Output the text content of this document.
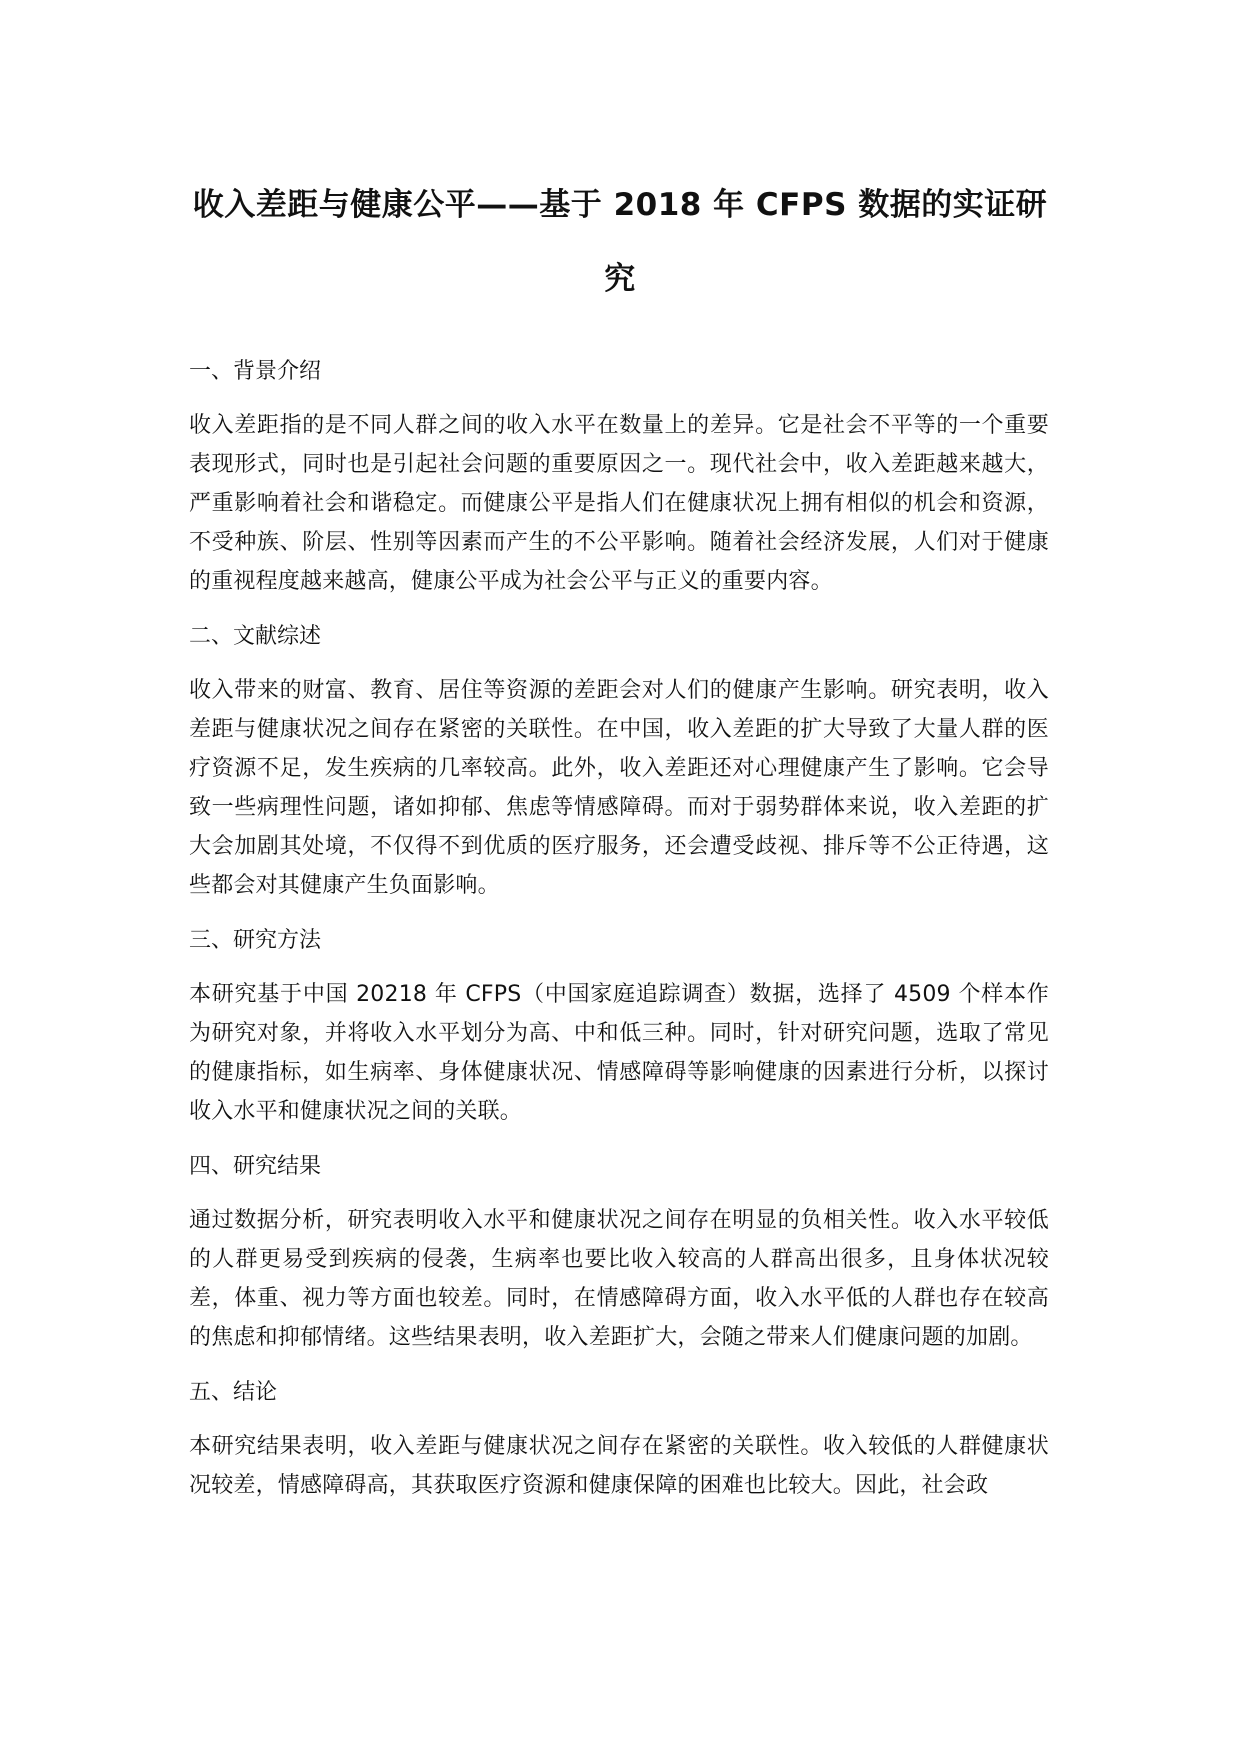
收入差距与健康公平——基于 2018 年 CFPS 数据的实证研
究

一、背景介绍

收入差距指的是不同人群之间的收入水平在数量上的差异。它是社会不平等的一个重要表现形式，同时也是引起社会问题的重要原因之一。现代社会中，收入差距越来越大，严重影响着社会和谐稳定。而健康公平是指人们在健康状况上拥有相似的机会和资源，不受种族、阶层、性别等因素而产生的不公平影响。随着社会经济发展，人们对于健康的重视程度越来越高，健康公平成为社会公平与正义的重要内容。

二、文献综述

收入带来的财富、教育、居住等资源的差距会对人们的健康产生影响。研究表明，收入差距与健康状况之间存在紧密的关联性。在中国，收入差距的扩大导致了大量人群的医疗资源不足，发生疾病的几率较高。此外，收入差距还对心理健康产生了影响。它会导致一些病理性问题，诸如抑郁、焦虑等情感障碍。而对于弱势群体来说，收入差距的扩大会加剧其处境，不仅得不到优质的医疗服务，还会遭受歧视、排斥等不公正待遇，这些都会对其健康产生负面影响。

三、研究方法

本研究基于中国 20218 年 CFPS（中国家庭追踪调查）数据，选择了 4509 个样本作为研究对象，并将收入水平划分为高、中和低三种。同时，针对研究问题，选取了常见的健康指标，如生病率、身体健康状况、情感障碍等影响健康的因素进行分析，以探讨收入水平和健康状况之间的关联。

四、研究结果

通过数据分析，研究表明收入水平和健康状况之间存在明显的负相关性。收入水平较低的人群更易受到疾病的侵袭，生病率也要比收入较高的人群高出很多，且身体状况较差，体重、视力等方面也较差。同时，在情感障碍方面，收入水平低的人群也存在较高的焦虑和抑郁情绪。这些结果表明，收入差距扩大，会随之带来人们健康问题的加剧。

五、结论

本研究结果表明，收入差距与健康状况之间存在紧密的关联性。收入较低的人群健康状况较差，情感障碍高，其获取医疗资源和健康保障的困难也比较大。因此，社会政
